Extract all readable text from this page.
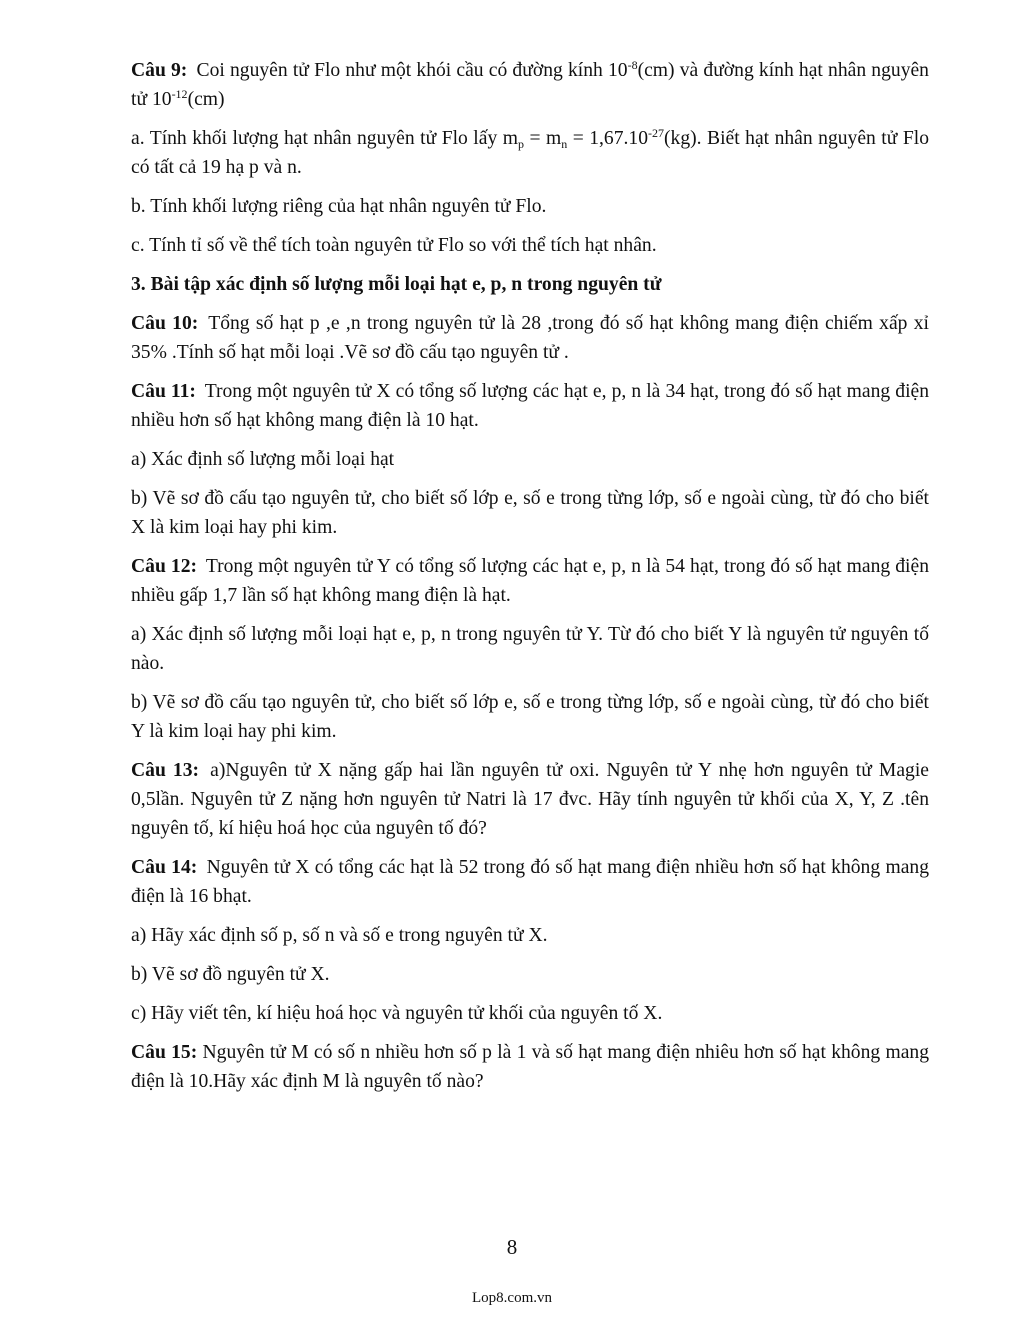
Câu 9: Coi nguyên tử Flo như một khói cầu có đường kính $10^{-8}(cm)$ và đường kính hạt nhân nguyên tử $10^{-12}(cm)$

a. Tính khối lượng hạt nhân nguyên tử Flo lấy $m_p = m_n = 1,67.10^{-27}(kg)$. Biết hạt nhân nguyên tử Flo có tất cả 19 hạ p và n.

b. Tính khối lượng riêng của hạt nhân nguyên tử Flo.

c. Tính tỉ số về thể tích toàn nguyên tử Flo so với thể tích hạt nhân.

3. Bài tập xác định số lượng mỗi loại hạt e, p, n trong nguyên tử

Câu 10: Tổng số hạt p ,e ,n trong nguyên tử là 28 ,trong đó số hạt không mang điện chiếm xấp xỉ 35% .Tính số hạt mỗi loại .Vẽ sơ đồ cấu tạo nguyên tử .

Câu 11: Trong một nguyên tử X có tổng số lượng các hạt e, p, n là 34 hạt, trong đó số hạt mang điện nhiều hơn số hạt không mang điện là 10 hạt.

a) Xác định số lượng mỗi loại hạt

b) Vẽ sơ đồ cấu tạo nguyên tử, cho biết số lớp e, số e trong từng lớp, số e ngoài cùng, từ đó cho biết X là kim loại hay phi kim.

Câu 12: Trong một nguyên tử Y có tổng số lượng các hạt e, p, n là 54 hạt, trong đó số hạt mang điện nhiều gấp 1,7 lần số hạt không mang điện là hạt.

a) Xác định số lượng mỗi loại hạt e, p, n trong nguyên tử Y. Từ đó cho biết Y là nguyên tử nguyên tố nào.

b) Vẽ sơ đồ cấu tạo nguyên tử, cho biết số lớp e, số e trong từng lớp, số e ngoài cùng, từ đó cho biết Y là kim loại hay phi kim.

Câu 13: a)Nguyên tử X nặng gấp hai lần nguyên tử oxi. Nguyên tử Y nhẹ hơn nguyên tử Magie 0,5lần. Nguyên tử Z nặng hơn nguyên tử Natri là 17 đvc. Hãy tính nguyên tử khối của X, Y, Z .tên nguyên tố, kí hiệu hoá học của nguyên tố đó?

Câu 14: Nguyên tử X có tổng các hạt là 52 trong đó số hạt mang điện nhiều hơn số hạt không mang điện là 16 bhạt.

a) Hãy xác định số p, số n và số e trong nguyên tử X.

b) Vẽ sơ đồ nguyên tử X.

c) Hãy viết tên, kí hiệu hoá học và nguyên tử khối của nguyên tố X.

Câu 15: Nguyên tử M có số n nhiều hơn số p là 1 và số hạt mang điện nhiêu hơn số hạt không mang điện là 10.Hãy xác định M là nguyên tố nào?

8
Lop8.com.vn
